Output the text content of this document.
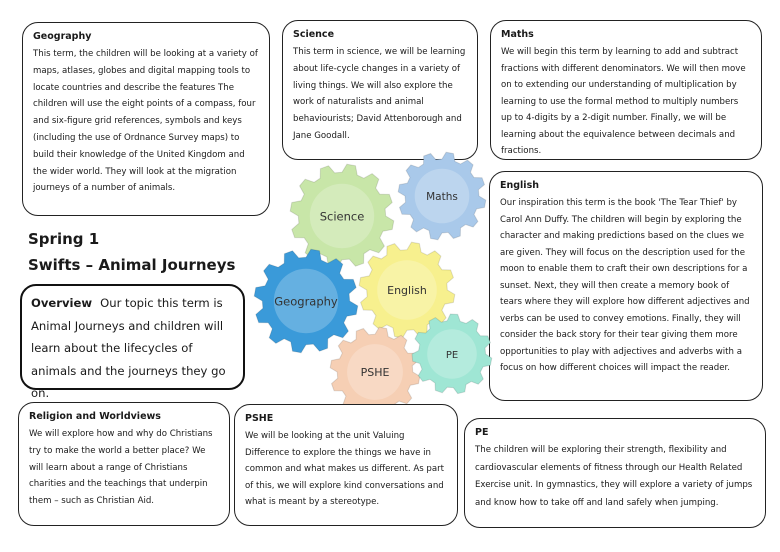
Geography

This term, the children will be looking at a variety of maps, atlases, globes and digital mapping tools to locate countries and describe the features The children will use the eight points of a compass, four and six-figure grid references, symbols and keys (including the use of Ordnance Survey maps) to build their knowledge of the United Kingdom and the wider world. They will look at the migration journeys of a number of animals.

Science

This term in science, we will be learning about life-cycle changes in a variety of living things. We will also explore the work of naturalists and animal behaviourists; David Attenborough and Jane Goodall.

Maths

We will begin this term by learning to add and subtract fractions with different denominators. We will then move on to extending our understanding of multiplication by learning to use the formal method to multiply numbers up to 4-digits by a 2-digit number. Finally, we will be learning about the equivalence between decimals and fractions.

English

Our inspiration this term is the book 'The Tear Thief' by Carol Ann Duffy. The children will begin by exploring the character and making predictions based on the clues we are given. They will focus on the description used for the moon to enable them to craft their own descriptions for a sunset. Next, they will then create a memory book of tears where they will explore how different adjectives and verbs can be used to convey emotions. Finally, they will consider the back story for their tear giving them more opportunities to play with adjectives and adverbs with a focus on how different choices will impact the reader.

Spring 1
Swifts – Animal Journeys

Overview Our topic this term is Animal Journeys and children will learn about the lifecycles of animals and the journeys they go on.

Science
Maths
Geography
English
PSHE
PE
Religion and Worldviews

We will explore how and why do Christians try to make the world a better place? We will learn about a range of Christians charities and the teachings that underpin them – such as Christian Aid.

PSHE

We will be looking at the unit Valuing Difference to explore the things we have in common and what makes us different. As part of this, we will explore kind conversations and what is meant by a stereotype.

PE

The children will be exploring their strength, flexibility and cardiovascular elements of fitness through our Health Related Exercise unit. In gymnastics, they will explore a variety of jumps and know how to take off and land safely when jumping.
